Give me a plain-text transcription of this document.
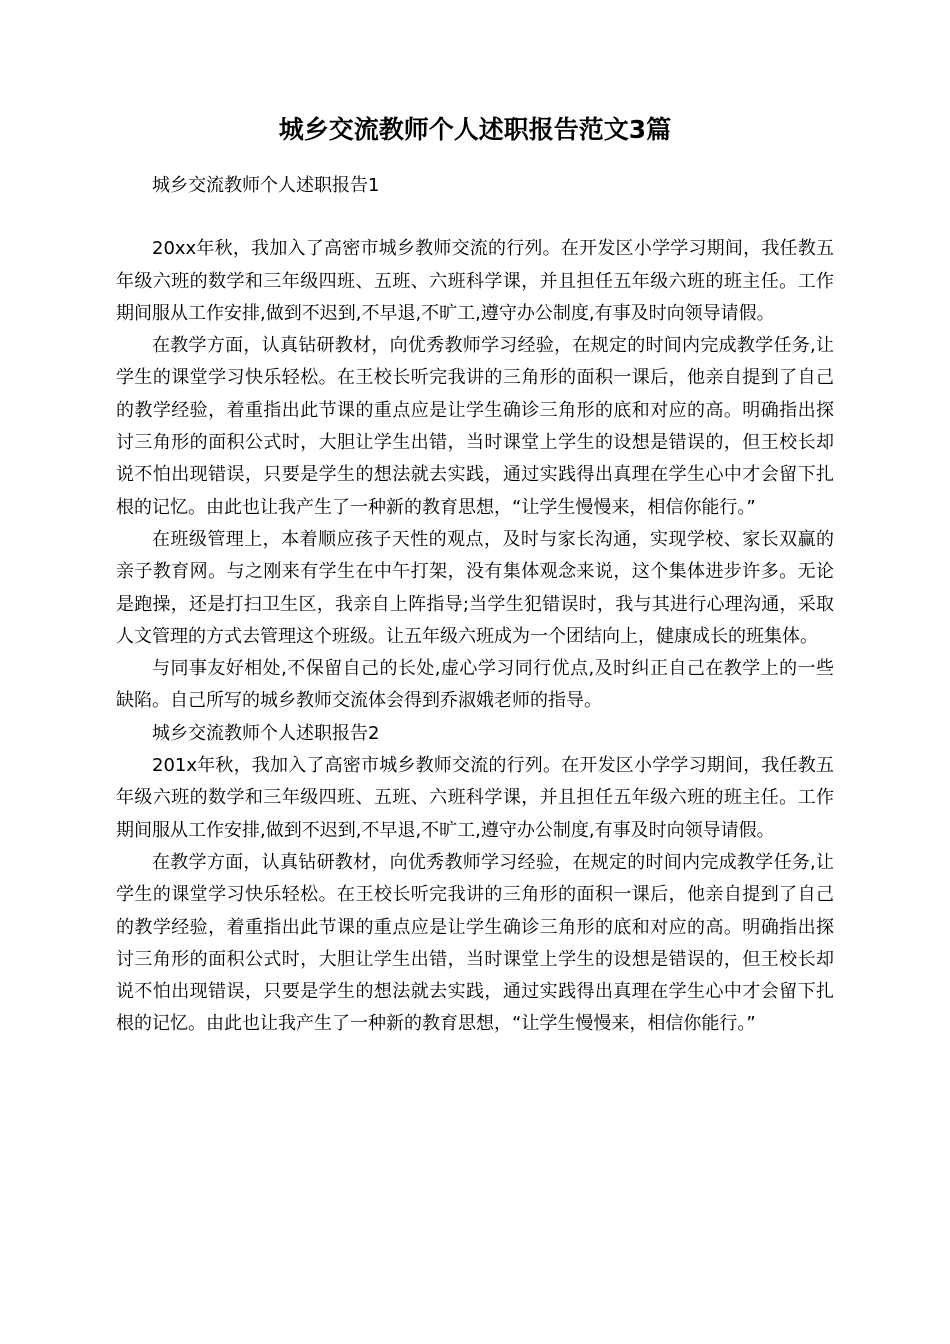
城乡交流教师个人述职报告范文3篇

城乡交流教师个人述职报告1

20xx年秋，我加入了高密市城乡教师交流的行列。在开发区小学学习期间，我任教五年级六班的数学和三年级四班、五班、六班科学课，并且担任五年级六班的班主任。工作期间服从工作安排,做到不迟到,不早退,不旷工,遵守办公制度,有事及时向领导请假。

在教学方面，认真钻研教材，向优秀教师学习经验，在规定的时间内完成教学任务,让学生的课堂学习快乐轻松。在王校长听完我讲的三角形的面积一课后，他亲自提到了自己的教学经验，着重指出此节课的重点应是让学生确诊三角形的底和对应的高。明确指出探讨三角形的面积公式时，大胆让学生出错，当时课堂上学生的设想是错误的，但王校长却说不怕出现错误，只要是学生的想法就去实践，通过实践得出真理在学生心中才会留下扎根的记忆。由此也让我产生了一种新的教育思想，“让学生慢慢来，相信你能行。”

在班级管理上，本着顺应孩子天性的观点，及时与家长沟通，实现学校、家长双赢的亲子教育网。与之刚来有学生在中午打架，没有集体观念来说，这个集体进步许多。无论是跑操，还是打扫卫生区，我亲自上阵指导;当学生犯错误时，我与其进行心理沟通，采取人文管理的方式去管理这个班级。让五年级六班成为一个团结向上，健康成长的班集体。

与同事友好相处,不保留自己的长处,虚心学习同行优点,及时纠正自己在教学上的一些缺陷。自己所写的城乡教师交流体会得到乔淑娥老师的指导。

城乡交流教师个人述职报告2

201x年秋，我加入了高密市城乡教师交流的行列。在开发区小学学习期间，我任教五年级六班的数学和三年级四班、五班、六班科学课，并且担任五年级六班的班主任。工作期间服从工作安排,做到不迟到,不早退,不旷工,遵守办公制度,有事及时向领导请假。

在教学方面，认真钻研教材，向优秀教师学习经验，在规定的时间内完成教学任务,让学生的课堂学习快乐轻松。在王校长听完我讲的三角形的面积一课后，他亲自提到了自己的教学经验，着重指出此节课的重点应是让学生确诊三角形的底和对应的高。明确指出探讨三角形的面积公式时，大胆让学生出错，当时课堂上学生的设想是错误的，但王校长却说不怕出现错误，只要是学生的想法就去实践，通过实践得出真理在学生心中才会留下扎根的记忆。由此也让我产生了一种新的教育思想，“让学生慢慢来，相信你能行。”
